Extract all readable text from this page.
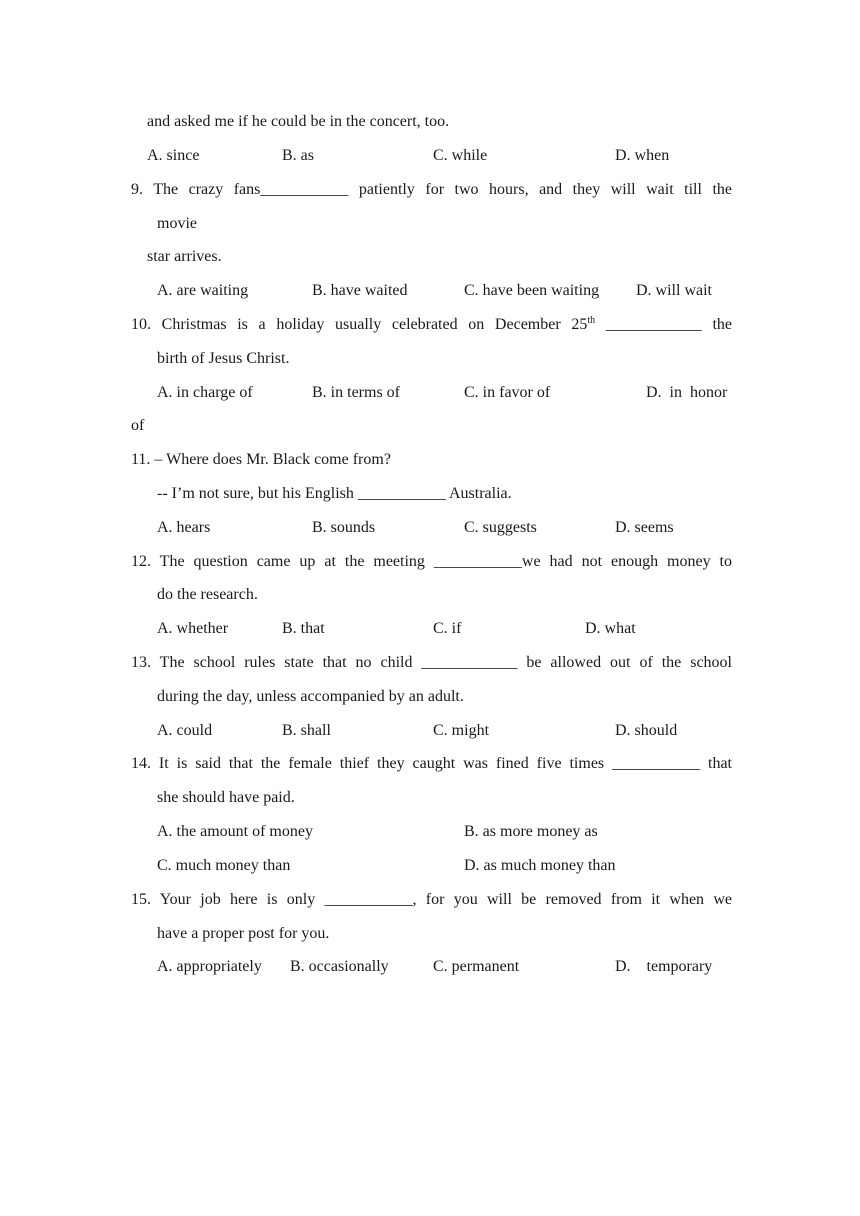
and asked me if he could be in the concert, too.
A. since	B. as	C. while	D. when
9. The crazy fans___________ patiently for two hours, and they will wait till the
movie
star arrives.
A. are waiting	B. have waited	C. have been waiting D. will wait
10. Christmas is a holiday usually celebrated on December 25th ____________ the
birth of Jesus Christ.
A. in charge of	B. in terms of	C. in favor of	D.  in  honor
of
11. – Where does Mr. Black come from?
-- I’m not sure, but his English ___________ Australia.
A. hears	B. sounds	C. suggests	D. seems
12. The question came up at the meeting ___________we had not enough money to
do the research.
A. whether	B. that	C. if	D. what
13. The school rules state that no child ____________ be allowed out of the school
during the day, unless accompanied by an adult.
A. could	B. shall	C. might	D. should
14. It is said that the female thief they caught was fined five times ___________ that
she should have paid.
A. the amount of money	B. as more money as
C. much money than	D. as much money than
15. Your job here is only ___________, for you will be removed from it when we
have a proper post for you.
A. appropriately B. occasionally	C. permanent	D.    temporary
